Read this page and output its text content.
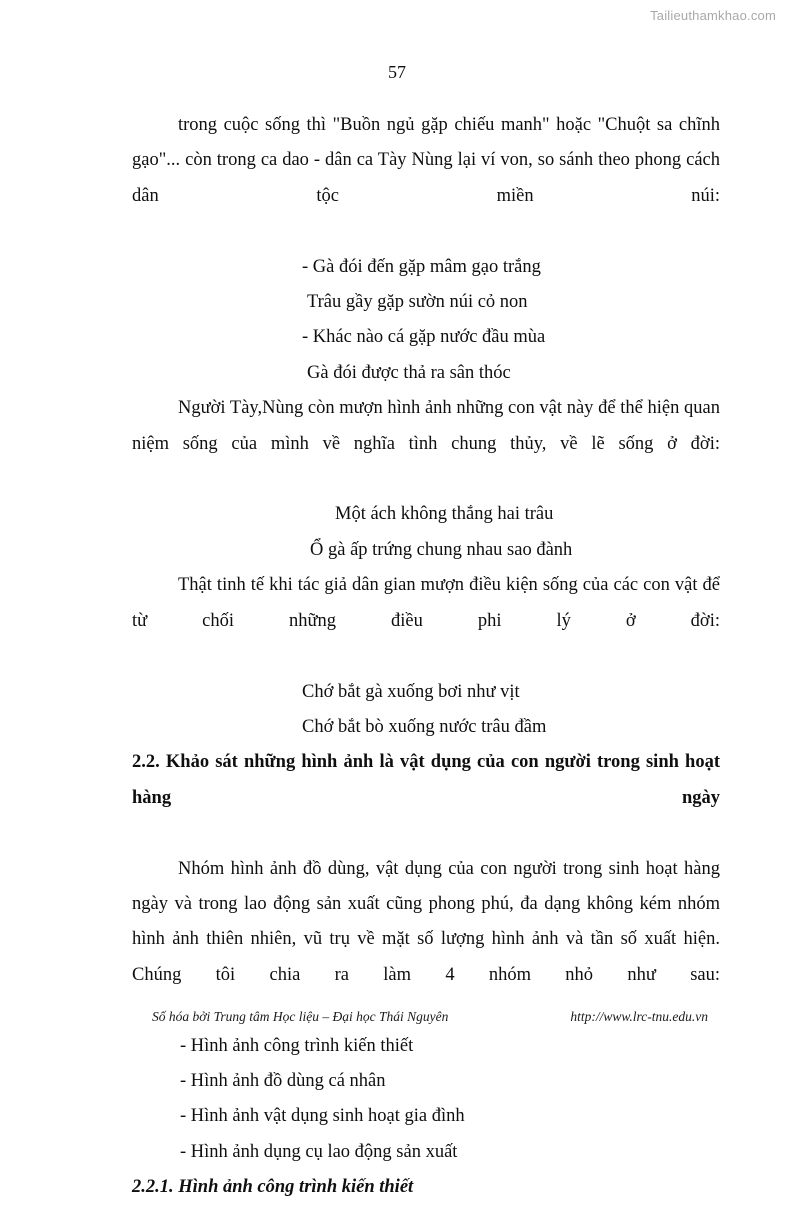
Tailieuthamkhao.com
57

trong cuộc sống thì "Buồn ngủ gặp chiếu manh" hoặc "Chuột sa chĩnh gạo"... còn trong ca dao - dân ca Tày Nùng lại ví von, so sánh theo phong cách dân tộc miền núi:

- Gà đói đến gặp mâm gạo trắng

Trâu gầy gặp sườn núi cỏ non

- Khác nào cá gặp nước đầu mùa

Gà đói được thả ra sân thóc

Người Tày,Nùng còn mượn hình ảnh những con vật này để thể hiện quan niệm sống của mình về nghĩa tình chung thủy, về lẽ sống ở đời:

Một ách không thắng hai trâu

Ổ gà ấp trứng chung nhau sao đành

Thật tinh tế khi tác giả dân gian mượn điều kiện sống của các con vật để từ chối những điều phi lý ở đời:

Chớ bắt gà xuống bơi như vịt

Chớ bắt bò xuống nước trâu đầm

2.2. Khảo sát những hình ảnh là vật dụng của con người trong sinh hoạt hàng ngày

Nhóm hình ảnh đồ dùng, vật dụng của con người trong sinh hoạt hàng ngày và trong lao động sản xuất cũng phong phú, đa dạng không kém nhóm hình ảnh thiên nhiên, vũ trụ về mặt số lượng hình ảnh và tần số xuất hiện. Chúng tôi chia ra làm 4 nhóm nhỏ như sau:

- Hình ảnh công trình kiến thiết

- Hình ảnh đồ dùng cá nhân

- Hình ảnh vật dụng sinh hoạt gia đình

- Hình ảnh dụng cụ lao động sản xuất

2.2.1. Hình ảnh công trình kiến thiết
Số hóa bởi Trung tâm Học liệu – Đại học Thái Nguyên	http://www.lrc-tnu.edu.vn
